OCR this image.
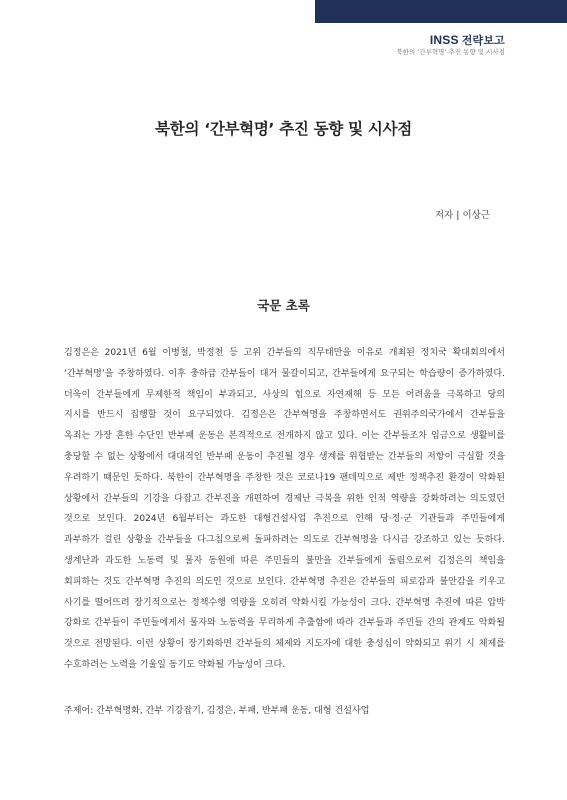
INSS 전략보고
북한의 ‘간부혁명’ 추진 동향 및 시사점
북한의 ‘간부혁명’ 추진 동향 및 시사점
저자 | 이상근
국문 초록
김정은은 2021년 6월 이병철, 박정천 등 고위 간부들의 직무태만을 이유로 개최된 정치국 확대회의에서
‘간부혁명’을 주창하였다. 이후 충하급 간부들이 대거 물갈이되고, 간부들에게 요구되는 학습량이 증가하였다.
더욱이 간부들에게 무제한적 책임이 부과되고, 사상의 힘으로 자연재해 등 모든 어려움을 극복하고 당의
지시를 반드시 집행할 것이 요구되었다. 김정은은 간부혁명을 주창하면서도 권위주의국가에서 간부들을
옥죄는 가장 흔한 수단인 반부패 운동은 본격적으로 전개하지 않고 있다. 이는 간부들조차 임금으로 생활비를
충당할 수 없는 상황에서 대대적인 반부패 운동이 추진될 경우 생계를 위협받는 간부들의 저항이 극심할 것을
우려하기 때문인 듯하다. 북한이 간부혁명을 주창한 것은 코로나19 팬데믹으로 제반 정책추진 환경이 악화된
상황에서 간부들의 기강을 다잡고 간부진을 개편하여 경제난 극복을 위한 인적 역량을 강화하려는 의도였던
것으로 보인다. 2024년 6월부터는 과도한 대형건설사업 추진으로 인해 당·정·군 기관들과 주민들에게
과부하가 걸린 상황을 간부들을 다그침으로써 돌파하려는 의도로 간부혁명을 다시금 강조하고 있는 듯하다.
생계난과 과도한 노동력 및 물자 동원에 따른 주민들의 불만을 간부들에게 돌림으로써 김정은의 책임을
회피하는 것도 간부혁명 추진의 의도인 것으로 보인다. 간부혁명 추진은 간부들의 피로감과 불안감을 키우고
사기를 떨어뜨려 장기적으로는 정책수행 역량을 오히려 약화시킬 가능성이 크다. 간부혁명 추진에 따른 압박
강화로 간부들이 주민들에게서 물자와 노동력을 무리하게 추출함에 따라 간부들과 주민들 간의 관계도 악화될
것으로 전망된다. 이런 상황이 장기화하면 간부들의 체제와 지도자에 대한 충성심이 약화되고 위기 시 체제를
수호하려는 노력을 기울일 동기도 약화될 가능성이 크다.
주제어: 간부혁명화, 간부 기강잡기, 김정은, 부패, 반부패 운동, 대형 건설사업
